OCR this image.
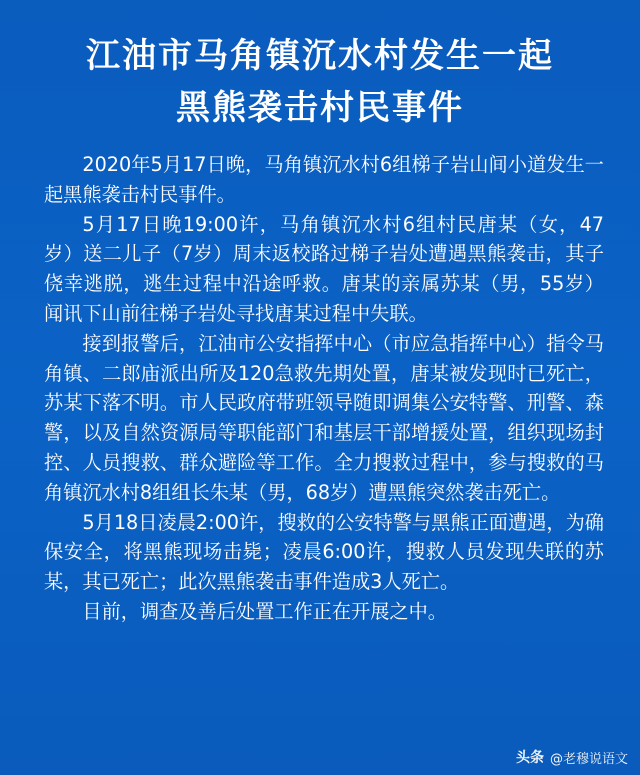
江油市马角镇沉水村发生一起
黑熊袭击村民事件

2020年5月17日晚，马角镇沉水村6组梯子岩山间小道发生一起黑熊袭击村民事件。

5月17日晚19:00许，马角镇沉水村6组村民唐某（女，47岁）送二儿子（7岁）周末返校路过梯子岩处遭遇黑熊袭击，其子侥幸逃脱，逃生过程中沿途呼救。唐某的亲属苏某（男，55岁）闻讯下山前往梯子岩处寻找唐某过程中失联。

接到报警后，江油市公安指挥中心（市应急指挥中心）指令马角镇、二郎庙派出所及120急救先期处置，唐某被发现时已死亡，苏某下落不明。市人民政府带班领导随即调集公安特警、刑警、森警，以及自然资源局等职能部门和基层干部增援处置，组织现场封控、人员搜救、群众避险等工作。全力搜救过程中，参与搜救的马角镇沉水村8组组长朱某（男，68岁）遭黑熊突然袭击死亡。

5月18日凌晨2:00许，搜救的公安特警与黑熊正面遭遇，为确保安全，将黑熊现场击毙；凌晨6:00许，搜救人员发现失联的苏某，其已死亡；此次黑熊袭击事件造成3人死亡。

目前，调查及善后处置工作正在开展之中。

头条 @老穆说语文
